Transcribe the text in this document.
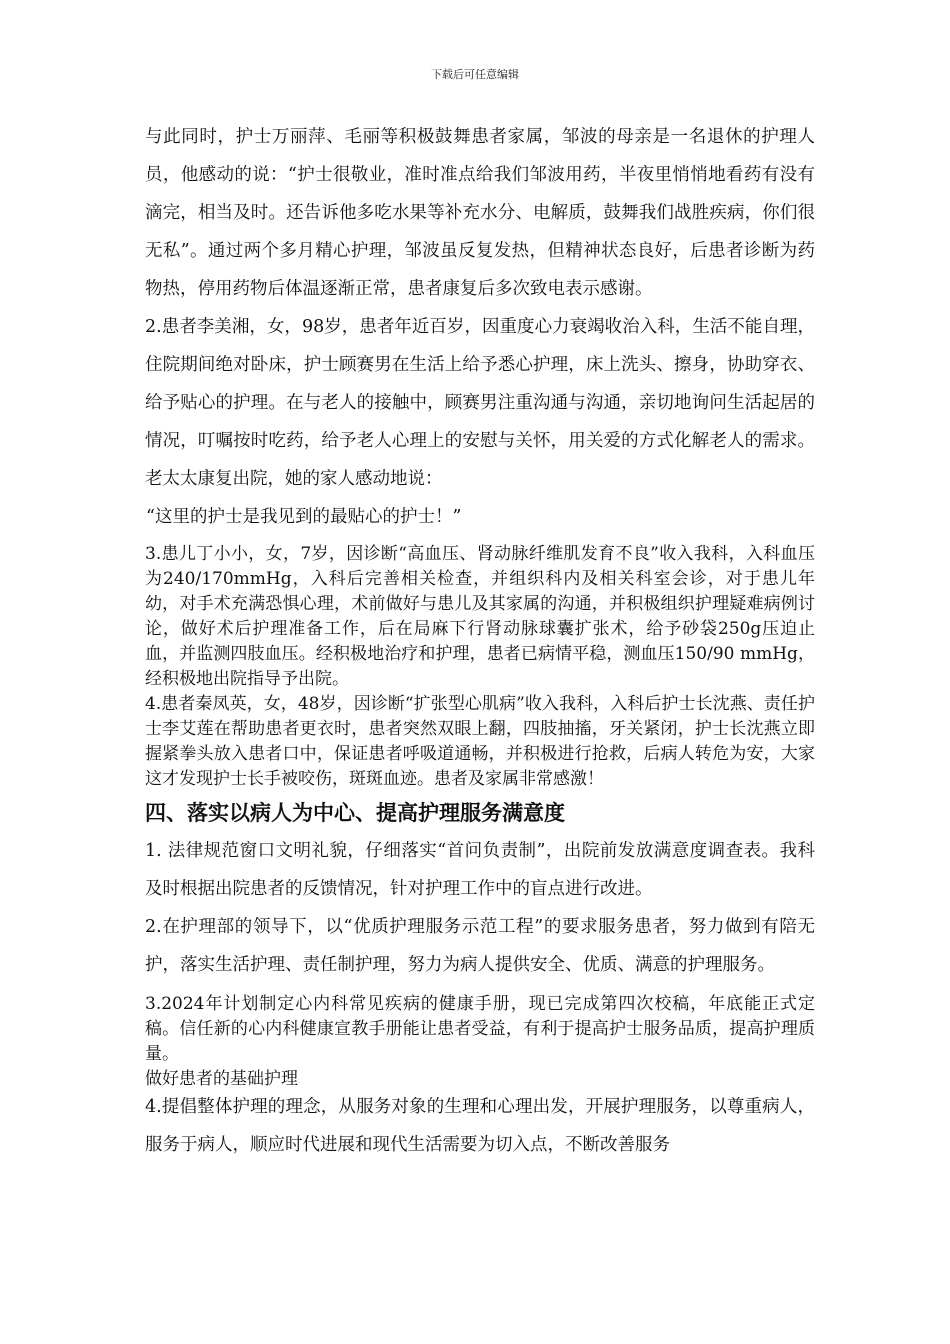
下载后可任意编辑

与此同时，护士万丽萍、毛丽等积极鼓舞患者家属，邹波的母亲是一名退休的护理人员，他感动的说：“护士很敬业，准时准点给我们邹波用药，半夜里悄悄地看药有没有滴完，相当及时。还告诉他多吃水果等补充水分、电解质，鼓舞我们战胜疾病，你们很无私”。通过两个多月精心护理，邹波虽反复发热，但精神状态良好，后患者诊断为药物热，停用药物后体温逐渐正常，患者康复后多次致电表示感谢。

2.患者李美湘，女，98岁，患者年近百岁，因重度心力衰竭收治入科，生活不能自理，住院期间绝对卧床，护士顾赛男在生活上给予悉心护理，床上洗头、擦身，协助穿衣、给予贴心的护理。在与老人的接触中，顾赛男注重沟通与沟通，亲切地询问生活起居的情况，叮嘱按时吃药，给予老人心理上的安慰与关怀，用关爱的方式化解老人的需求。老太太康复出院，她的家人感动地说：

“这里的护士是我见到的最贴心的护士！”

3.患儿丁小小，女，7岁，因诊断“高血压、肾动脉纤维肌发育不良”收入我科，入科血压为240/170mmHg，入科后完善相关检查，并组织科内及相关科室会诊，对于患儿年幼，对手术充满恐惧心理，术前做好与患儿及其家属的沟通，并积极组织护理疑难病例讨论，做好术后护理准备工作，后在局麻下行肾动脉球囊扩张术，给予砂袋250g压迫止血，并监测四肢血压。经积极地治疗和护理，患者已病情平稳，测血压150/90 mmHg，经积极地出院指导予出院。

4.患者秦凤英，女，48岁，因诊断“扩张型心肌病”收入我科，入科后护士长沈燕、责任护士李艾莲在帮助患者更衣时，患者突然双眼上翻，四肢抽搐，牙关紧闭，护士长沈燕立即握紧拳头放入患者口中，保证患者呼吸道通畅，并积极进行抢救，后病人转危为安，大家这才发现护士长手被咬伤，斑斑血迹。患者及家属非常感激！

四、落实以病人为中心、提高护理服务满意度

1. 法律规范窗口文明礼貌，仔细落实“首问负责制”，出院前发放满意度调查表。我科及时根据出院患者的反馈情况，针对护理工作中的盲点进行改进。

2.在护理部的领导下，以“优质护理服务示范工程”的要求服务患者，努力做到有陪无护，落实生活护理、责任制护理，努力为病人提供安全、优质、满意的护理服务。

3.2024年计划制定心内科常见疾病的健康手册，现已完成第四次校稿，年底能正式定稿。信任新的心内科健康宣教手册能让患者受益，有利于提高护士服务品质，提高护理质量。

做好患者的基础护理

4.提倡整体护理的理念，从服务对象的生理和心理出发，开展护理服务，以尊重病人，服务于病人，顺应时代进展和现代生活需要为切入点，不断改善服务
